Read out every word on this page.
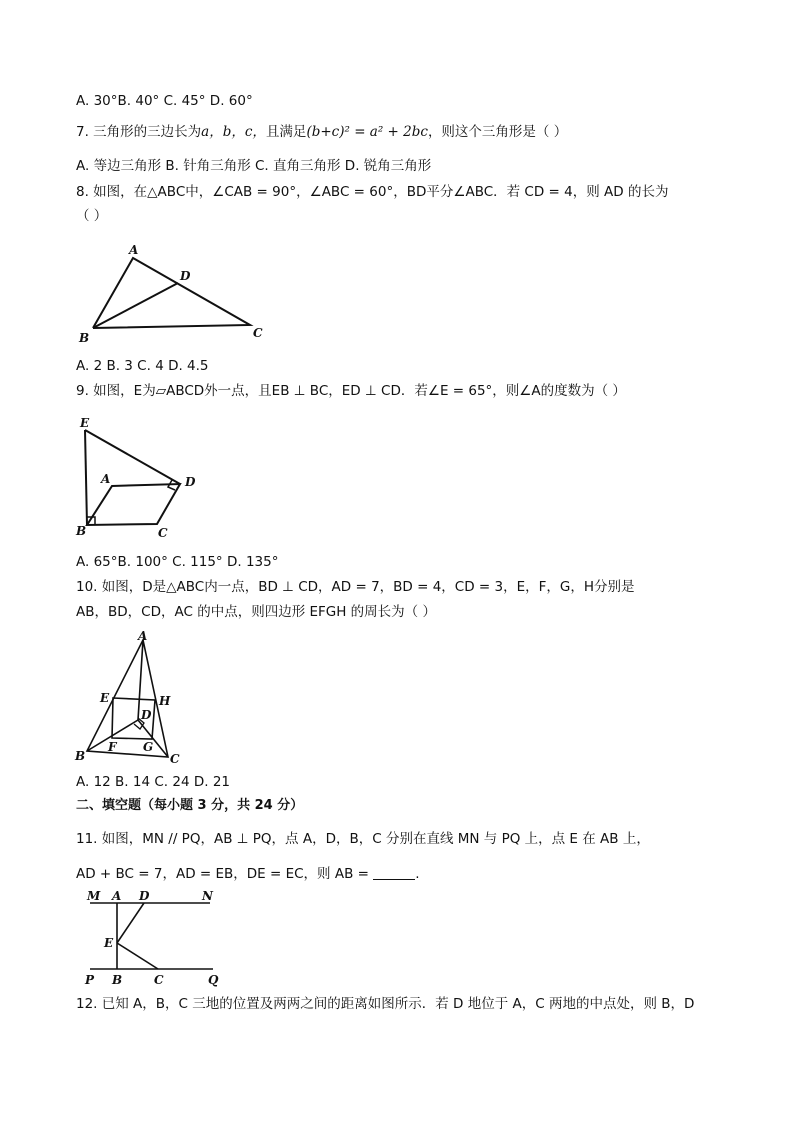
A. 30°B. 40° C. 45° D. 60°
7. 三角形的三边长为a，b，c，且满足(b+c)² = a² + 2bc，则这个三角形是（ ）
A. 等边三角形 B. 针角三角形 C. 直角三角形 D. 锐角三角形
8. 如图，在△ABC中，∠CAB = 90°，∠ABC = 60°，BD平分∠ABC．若 CD = 4，则 AD 的长为
（ ）
A
D
B	C
A. 2 B. 3 C. 4 D. 4.5
9. 如图，E为▱ABCD外一点，且EB ⊥ BC，ED ⊥ CD．若∠E = 65°，则∠A的度数为（ ）
E
A	D
B	C
A. 65°B. 100° C. 115° D. 135°
10. 如图，D是△ABC内一点，BD ⊥ CD，AD = 7，BD = 4，CD = 3，E，F，G，H分别是
AB，BD，CD，AC 的中点，则四边形 EFGH 的周长为（ ）
A
E	H
D
F G
B	C
A. 12 B. 14 C. 24 D. 21
二、填空题（每小题 3 分，共 24 分）
11. 如图，MN // PQ，AB ⊥ PQ，点 A，D，B，C 分别在直线 MN 与 PQ 上，点 E 在 AB 上，
AD + BC = 7，AD = EB，DE = EC，则 AB =	.
M A D	N
E
P B	C	Q
12. 已知 A，B，C 三地的位置及两两之间的距离如图所示．若 D 地位于 A，C 两地的中点处，则 B，D
